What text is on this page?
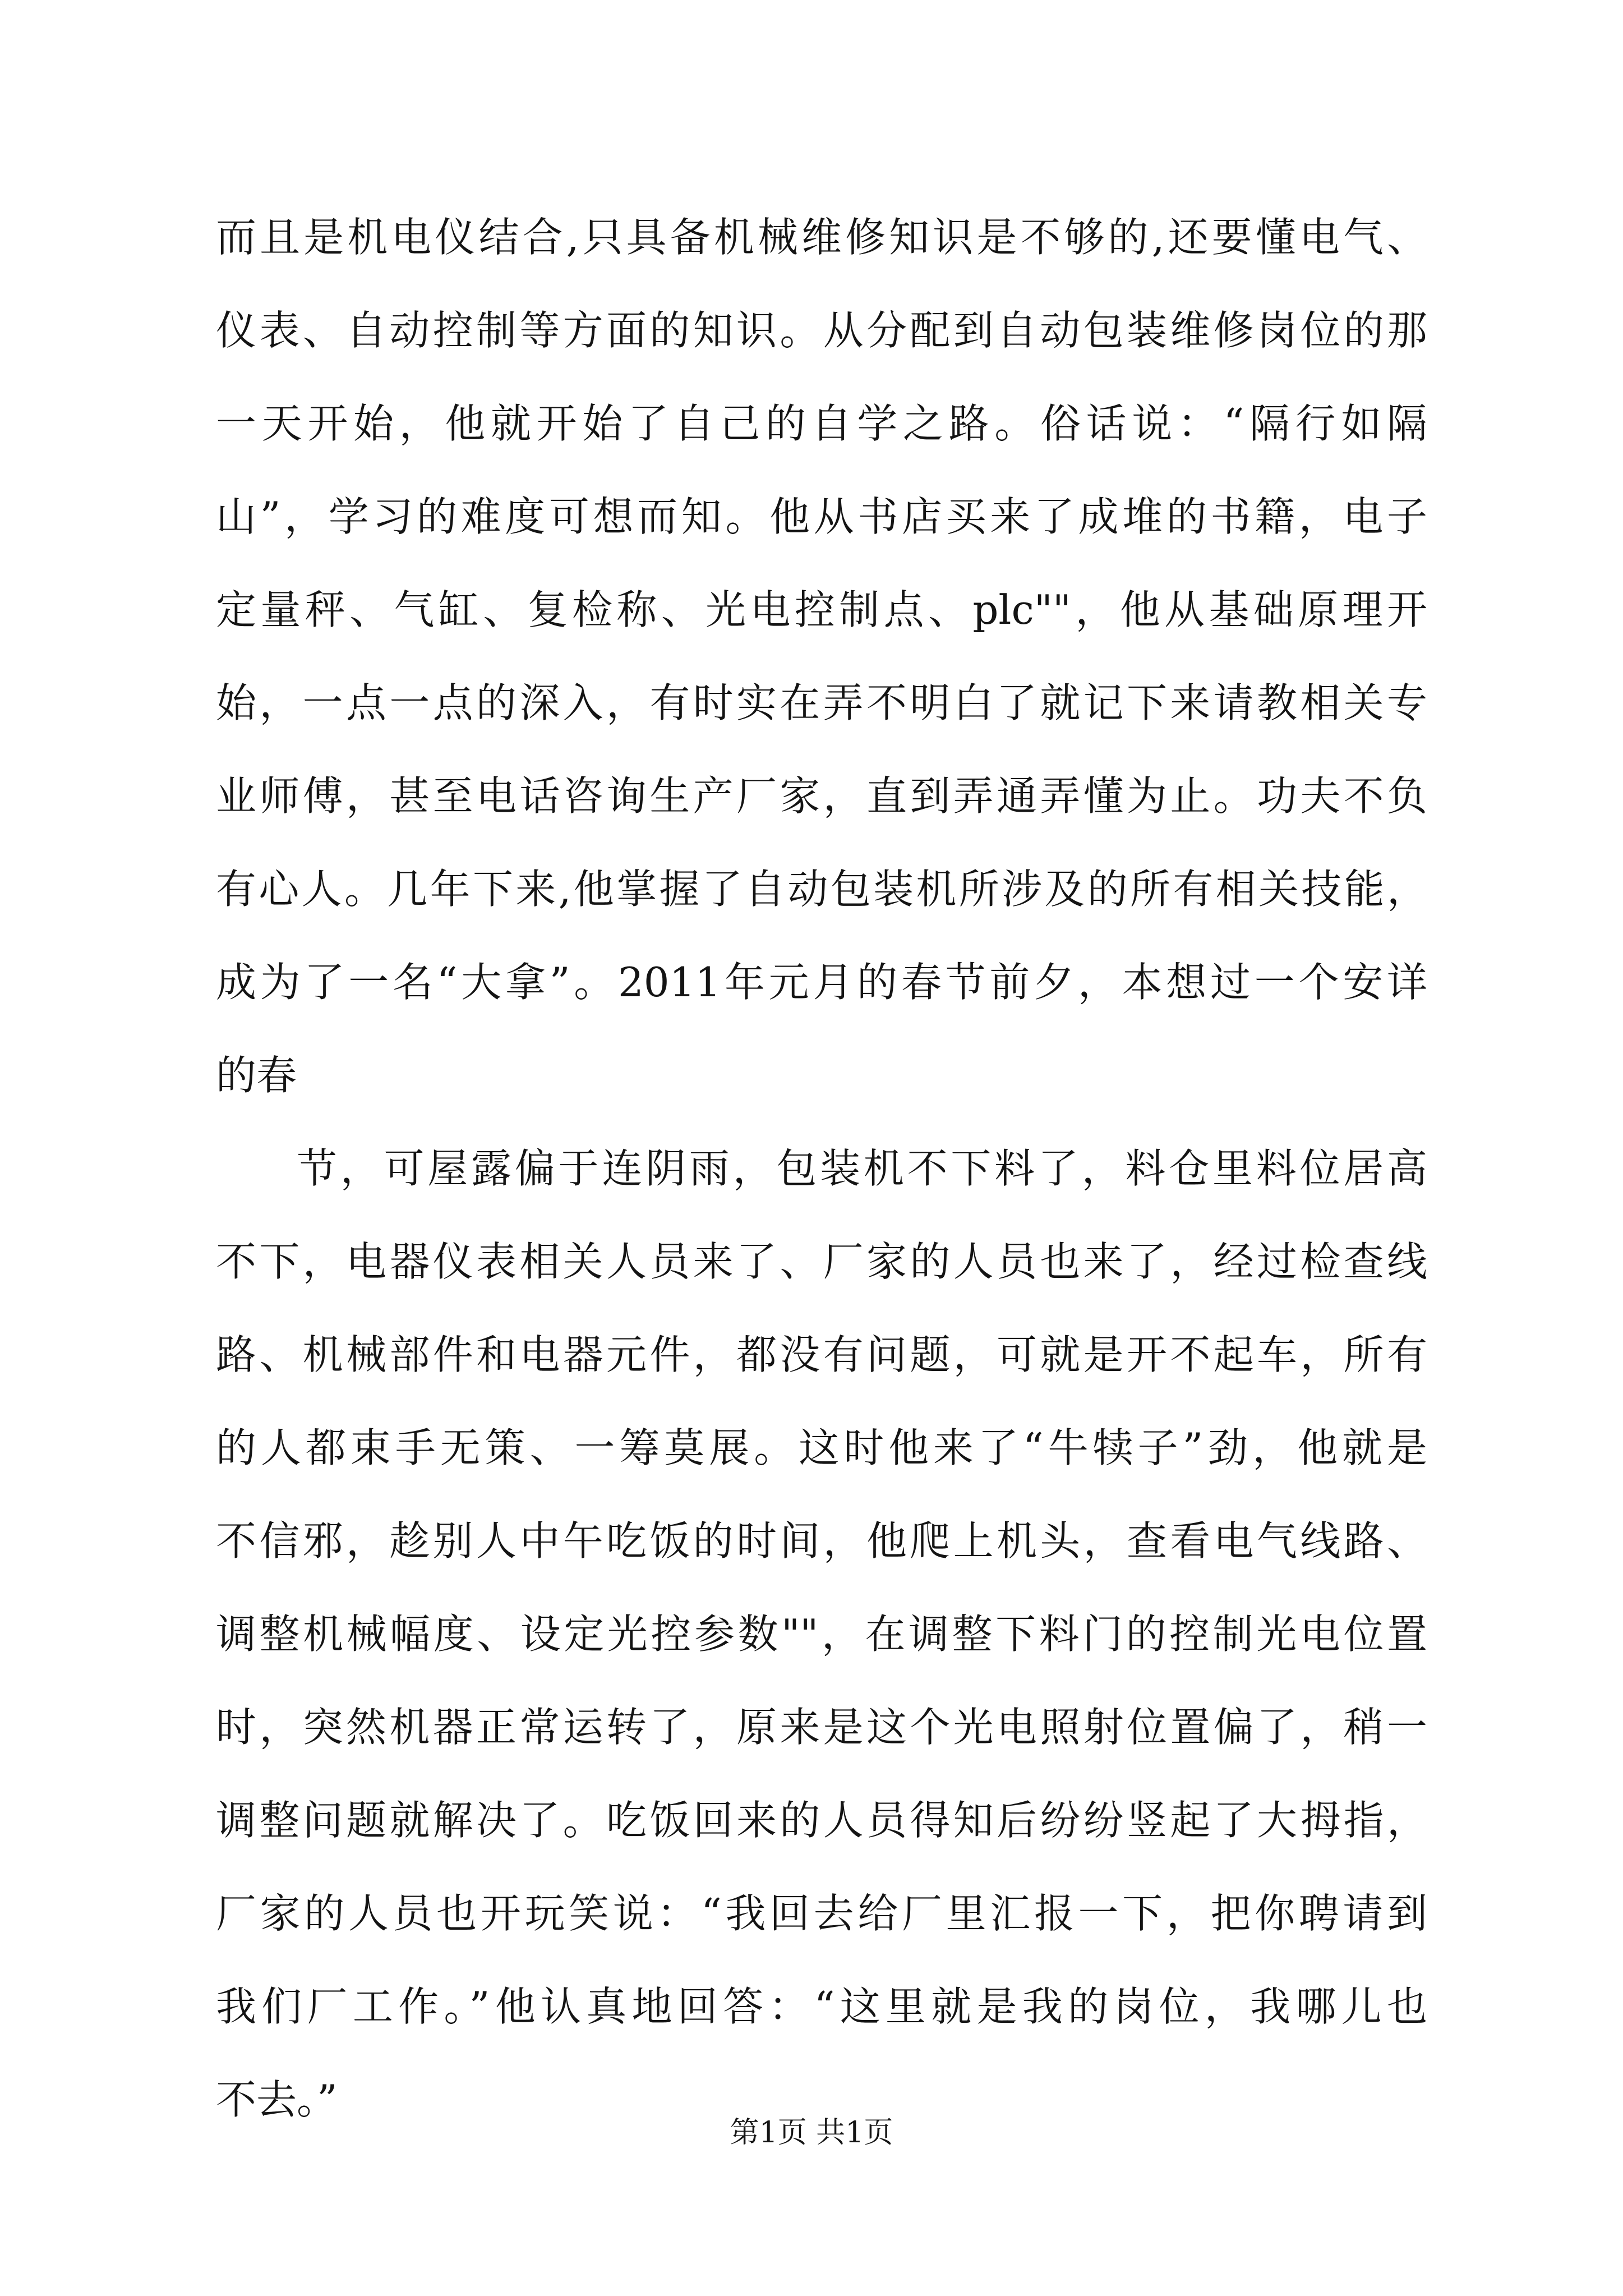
而且是机电仪结合,只具备机械维修知识是不够的,还要懂电气、

仪表、自动控制等方面的知识。从分配到自动包装维修岗位的那

一天开始，他就开始了自己的自学之路。俗话说：“隔行如隔

山”，学习的难度可想而知。他从书店买来了成堆的书籍，电子

定量秤、气缸、复检称、光电控制点、plc""，他从基础原理开

始，一点一点的深入，有时实在弄不明白了就记下来请教相关专

业师傅，甚至电话咨询生产厂家，直到弄通弄懂为止。功夫不负

有心人。几年下来,他掌握了自动包装机所涉及的所有相关技能，

成为了一名“大拿”。2011年元月的春节前夕，本想过一个安详

的春

节，可屋露偏于连阴雨，包装机不下料了，料仓里料位居高

不下，电器仪表相关人员来了、厂家的人员也来了，经过检查线

路、机械部件和电器元件，都没有问题，可就是开不起车，所有

的人都束手无策、一筹莫展。这时他来了“牛犊子”劲，他就是

不信邪，趁别人中午吃饭的时间，他爬上机头，查看电气线路、

调整机械幅度、设定光控参数""，在调整下料门的控制光电位置

时，突然机器正常运转了，原来是这个光电照射位置偏了，稍一

调整问题就解决了。吃饭回来的人员得知后纷纷竖起了大拇指，

厂家的人员也开玩笑说：“我回去给厂里汇报一下，把你聘请到

我们厂工作。”他认真地回答：“这里就是我的岗位，我哪儿也

不去。”

第1页 共1页
